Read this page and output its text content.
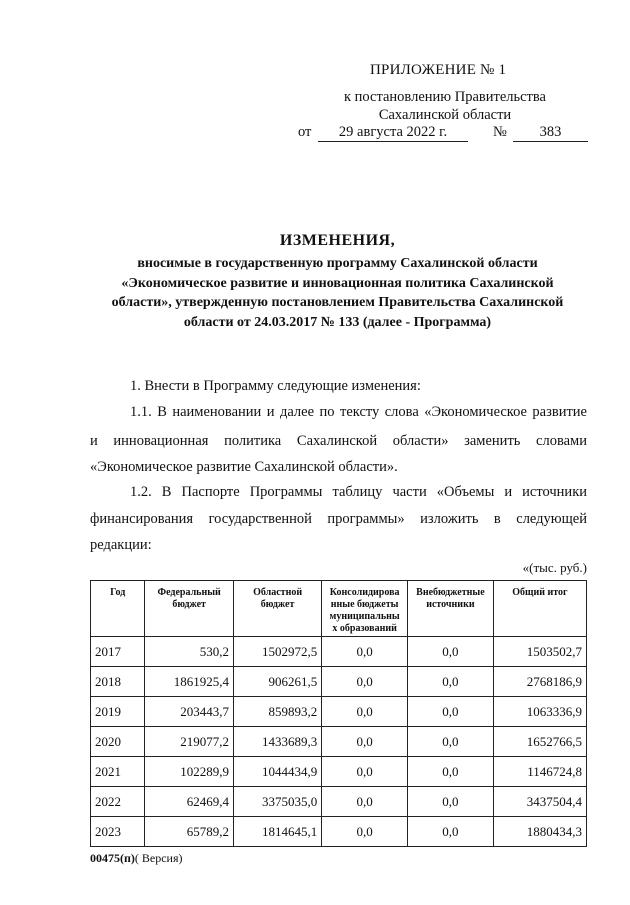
ПРИЛОЖЕНИЕ № 1
к постановлению Правительства
Сахалинской области
от	29 августа 2022 г.	№	383
ИЗМЕНЕНИЯ,
вносимые в государственную программу Сахалинской области
«Экономическое развитие и инновационная политика Сахалинской
области», утвержденную постановлением Правительства Сахалинской
области от 24.03.2017 № 133 (далее - Программа)
1. Внести в Программу следующие изменения:
1.1. В наименовании и далее по тексту слова «Экономическое развитие
и инновационная политика Сахалинской области» заменить словами
«Экономическое развитие Сахалинской области».
1.2. В Паспорте Программы таблицу части «Объемы и источники
финансирования государственной программы» изложить в следующей
редакции:
«(тыс. руб.)
Год	Федеральный бюджет	Областной бюджет	Консолидирова нные бюджеты муниципальны х образований	Внебюджетные источники	Общий итог
2017	530,2	1502972,5	0,0	0,0	1503502,7
2018	1861925,4	906261,5	0,0	0,0	2768186,9
2019	203443,7	859893,2	0,0	0,0	1063336,9
2020	219077,2	1433689,3	0,0	0,0	1652766,5
2021	102289,9	1044434,9	0,0	0,0	1146724,8
2022	62469,4	3375035,0	0,0	0,0	3437504,4
2023	65789,2	1814645,1	0,0	0,0	1880434,3
00475(п)( Версия)
